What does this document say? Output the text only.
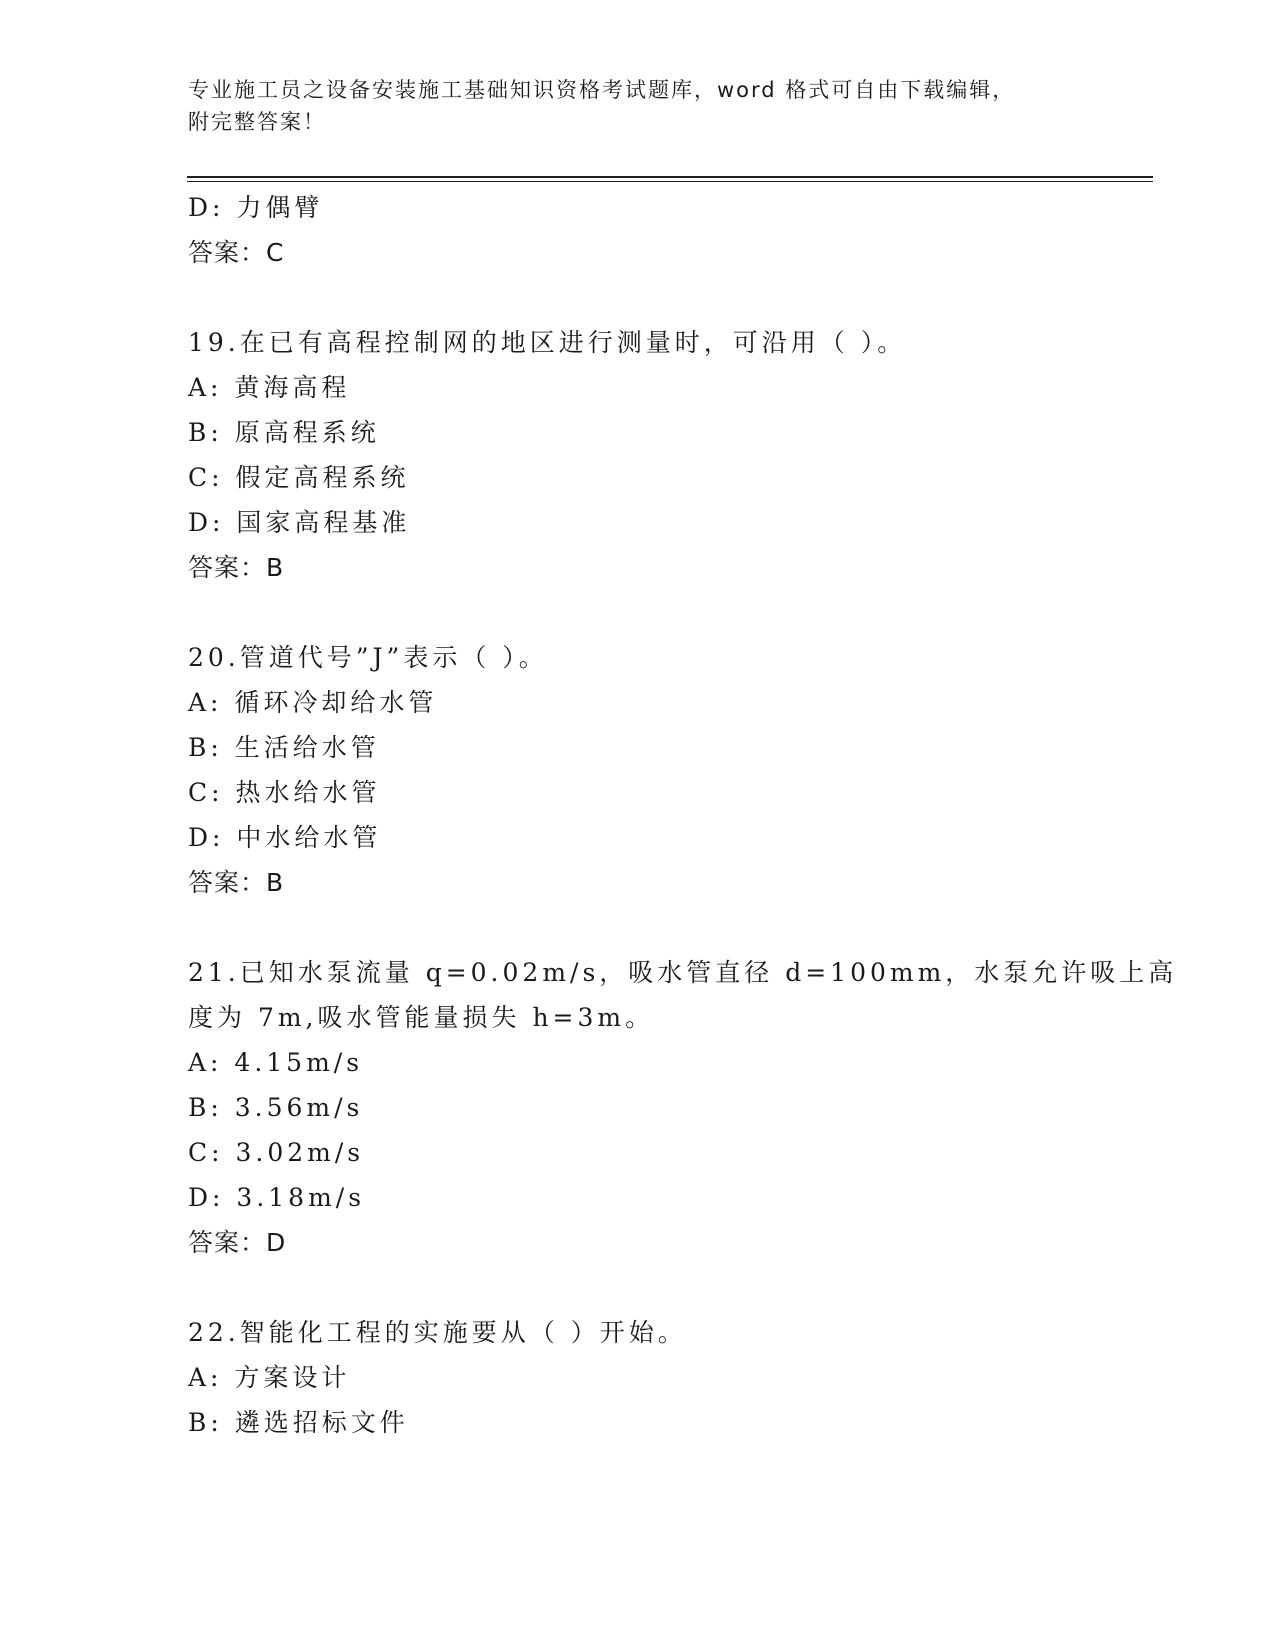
专业施工员之设备安装施工基础知识资格考试题库，word 格式可自由下载编辑，
附完整答案！
D: 力偶臂
答案：C
19.在已有高程控制网的地区进行测量时，可沿用（ ）。
A: 黄海高程
B: 原高程系统
C: 假定高程系统
D: 国家高程基准
答案：B
20.管道代号”J”表示（ ）。
A: 循环冷却给水管
B: 生活给水管
C: 热水给水管
D: 中水给水管
答案：B
21.已知水泵流量 q=0.02m/s，吸水管直径 d=100mm，水泵允许吸上高
度为 7m,吸水管能量损失 h=3m。
A: 4.15m/s
B: 3.56m/s
C: 3.02m/s
D: 3.18m/s
答案：D
22.智能化工程的实施要从（ ）开始。
A: 方案设计
B: 遴选招标文件
